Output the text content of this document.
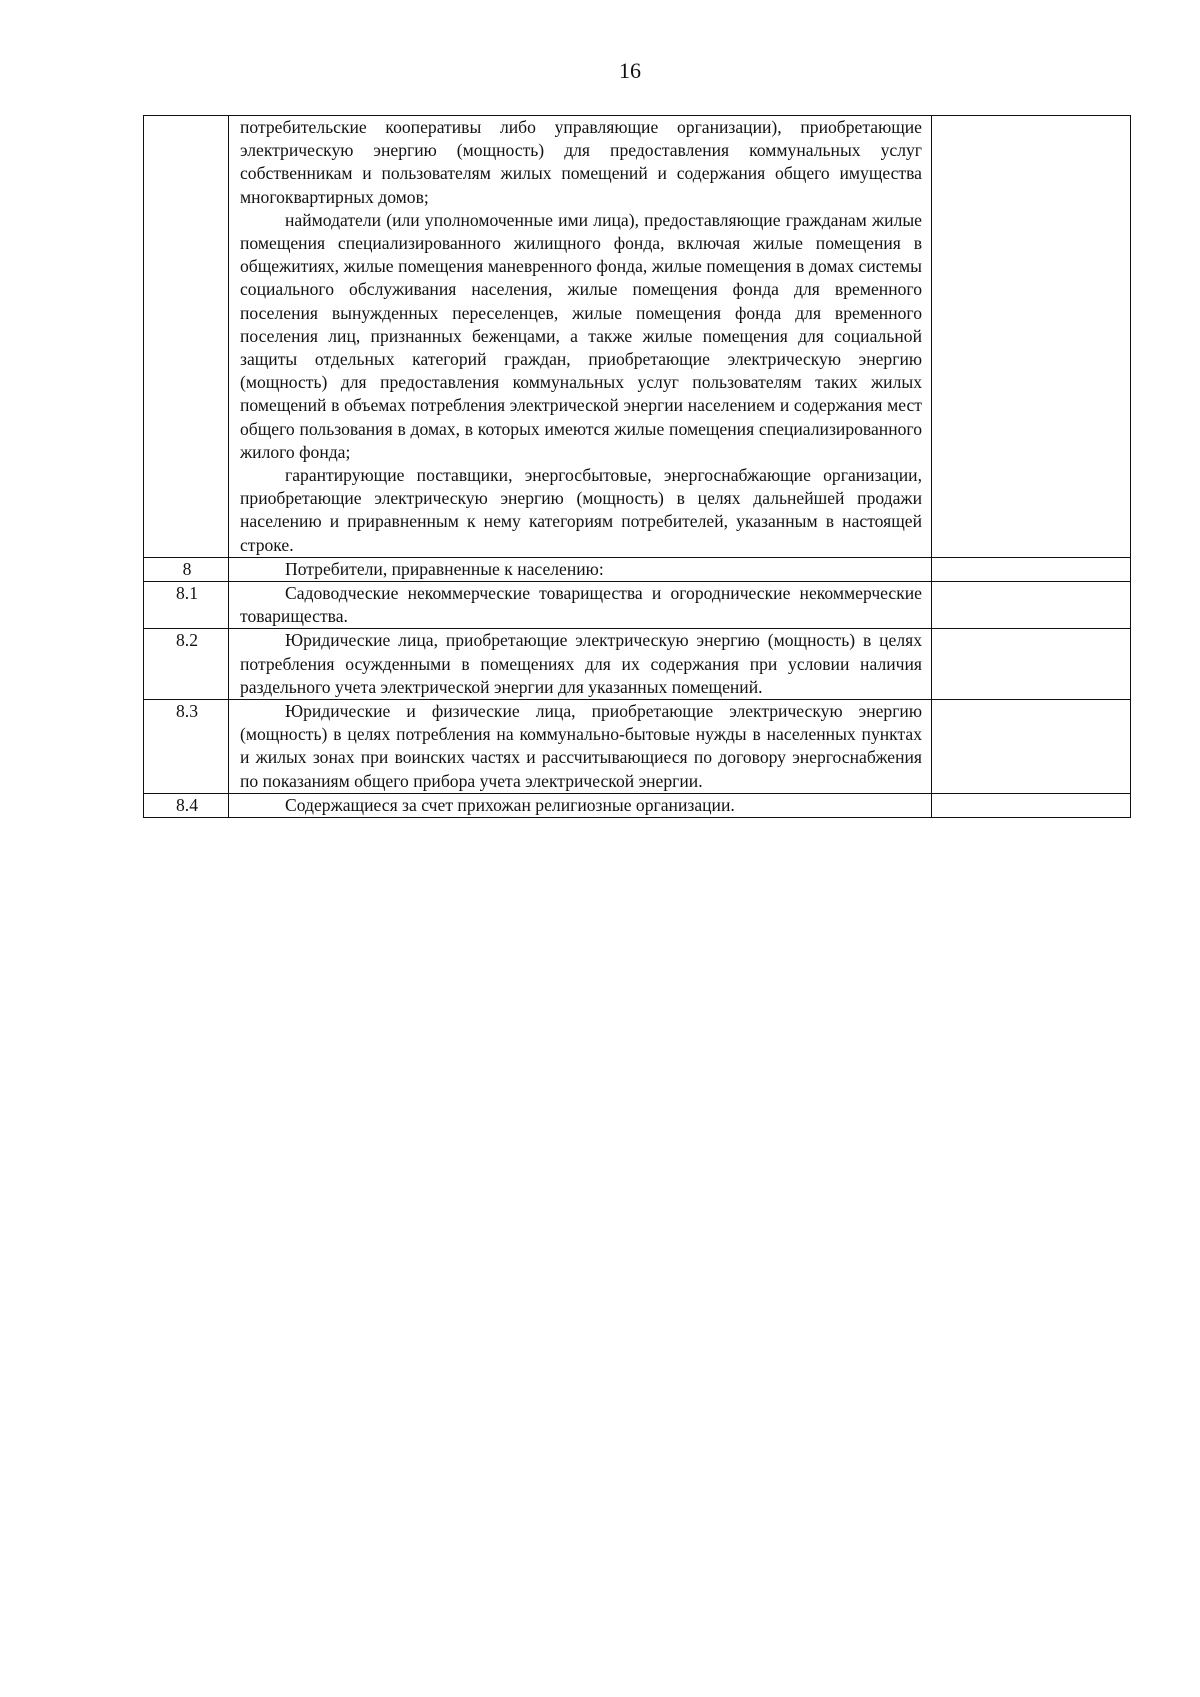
16

	потребительские кооперативы либо управляющие организации), приобретающие электрическую энергию (мощность) для предоставления коммунальных услуг собственникам и пользователям жилых помещений и содержания общего имущества многоквартирных домов;

наймодатели (или уполномоченные ими лица), предоставляющие гражданам жилые помещения специализированного жилищного фонда, включая жилые помещения в общежитиях, жилые помещения маневренного фонда, жилые помещения в домах системы социального обслуживания населения, жилые помещения фонда для временного поселения вынужденных переселенцев, жилые помещения фонда для временного поселения лиц, признанных беженцами, а также жилые помещения для социальной защиты отдельных категорий граждан, приобретающие электрическую энергию (мощность) для предоставления коммунальных услуг пользователям таких жилых помещений в объемах потребления электрической энергии населением и содержания мест общего пользования в домах, в которых имеются жилые помещения специализированного жилого фонда;

гарантирующие поставщики, энергосбытовые, энергоснабжающие организации, приобретающие электрическую энергию (мощность) в целях дальнейшей продажи населению и приравненным к нему категориям потребителей, указанным в настоящей строке.	

8	Потребители, приравненные к населению:	

8.1	Садоводческие некоммерческие товарищества и огороднические некоммерческие товарищества.	

8.2	Юридические лица, приобретающие электрическую энергию (мощность) в целях потребления осужденными в помещениях для их содержания при условии наличия раздельного учета электрической энергии для указанных помещений.	

8.3	Юридические и физические лица, приобретающие электрическую энергию (мощность) в целях потребления на коммунально-бытовые нужды в населенных пунктах и жилых зонах при воинских частях и рассчитывающиеся по договору энергоснабжения по показаниям общего прибора учета электрической энергии.	

8.4	Содержащиеся за счет прихожан религиозные организации.	
